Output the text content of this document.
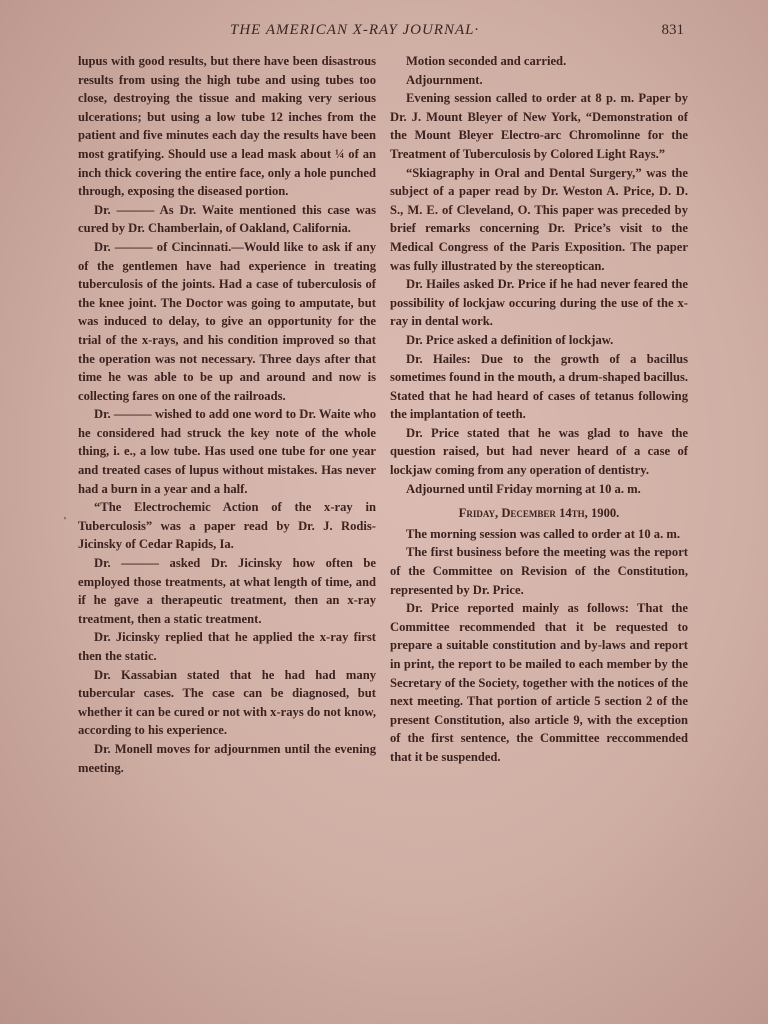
THE AMERICAN X-RAY JOURNAL·	831
'

lupus with good results, but there have been disastrous results from using the high tube and using tubes too close, destroying the tissue and making very serious ulcerations; but using a low tube 12 inches from the patient and five minutes each day the results have been most gratifying. Should use a lead mask about ¼ of an inch thick covering the entire face, only a hole punched through, exposing the diseased portion.

Dr. ——— As Dr. Waite mentioned this case was cured by Dr. Chamberlain, of Oakland, California.

Dr. ——— of Cincinnati.—Would like to ask if any of the gentlemen have had experience in treating tuberculosis of the joints. Had a case of tuberculosis of the knee joint. The Doctor was going to amputate, but was induced to delay, to give an opportunity for the trial of the x-rays, and his condition improved so that the operation was not necessary. Three days after that time he was able to be up and around and now is collecting fares on one of the railroads.

Dr. ——— wished to add one word to Dr. Waite who he considered had struck the key note of the whole thing, i. e., a low tube. Has used one tube for one year and treated cases of lupus without mistakes. Has never had a burn in a year and a half.

“The Electrochemic Action of the x-ray in Tuberculosis” was a paper read by Dr. J. Rodis-Jicinsky of Cedar Rapids, Ia.

Dr. ——— asked Dr. Jicinsky how often be employed those treatments, at what length of time, and if he gave a therapeutic treatment, then an x-ray treatment, then a static treatment.

Dr. Jicinsky replied that he applied the x-ray first then the static.

Dr. Kassabian stated that he had had many tubercular cases. The case can be diagnosed, but whether it can be cured or not with x-rays do not know, according to his experience.

Dr. Monell moves for adjournmen until the evening meeting.

Motion seconded and carried.

Adjournment.

Evening session called to order at 8 p. m. Paper by Dr. J. Mount Bleyer of New York, “Demonstration of the Mount Bleyer Electro-arc Chromolinne for the Treatment of Tuberculosis by Colored Light Rays.”

“Skiagraphy in Oral and Dental Surgery,” was the subject of a paper read by Dr. Weston A. Price, D. D. S., M. E. of Cleveland, O. This paper was preceded by brief remarks concerning Dr. Price’s visit to the Medical Congress of the Paris Exposition. The paper was fully illustrated by the stereoptican.

Dr. Hailes asked Dr. Price if he had never feared the possibility of lockjaw occuring during the use of the x-ray in dental work.

Dr. Price asked a definition of lockjaw.

Dr. Hailes: Due to the growth of a bacillus sometimes found in the mouth, a drum-shaped bacillus. Stated that he had heard of cases of tetanus following the implantation of teeth.

Dr. Price stated that he was glad to have the question raised, but had never heard of a case of lockjaw coming from any operation of dentistry.

Adjourned until Friday morning at 10 a. m.

Friday, December 14th, 1900.

The morning session was called to order at 10 a. m.

The first business before the meeting was the report of the Committee on Revision of the Constitution, represented by Dr. Price.

Dr. Price reported mainly as follows: That the Committee recommended that it be requested to prepare a suitable constitution and by-laws and report in print, the report to be mailed to each member by the Secretary of the Society, together with the notices of the next meeting. That portion of article 5 section 2 of the present Constitution, also article 9, with the exception of the first sentence, the Committee reccommended that it be suspended.
